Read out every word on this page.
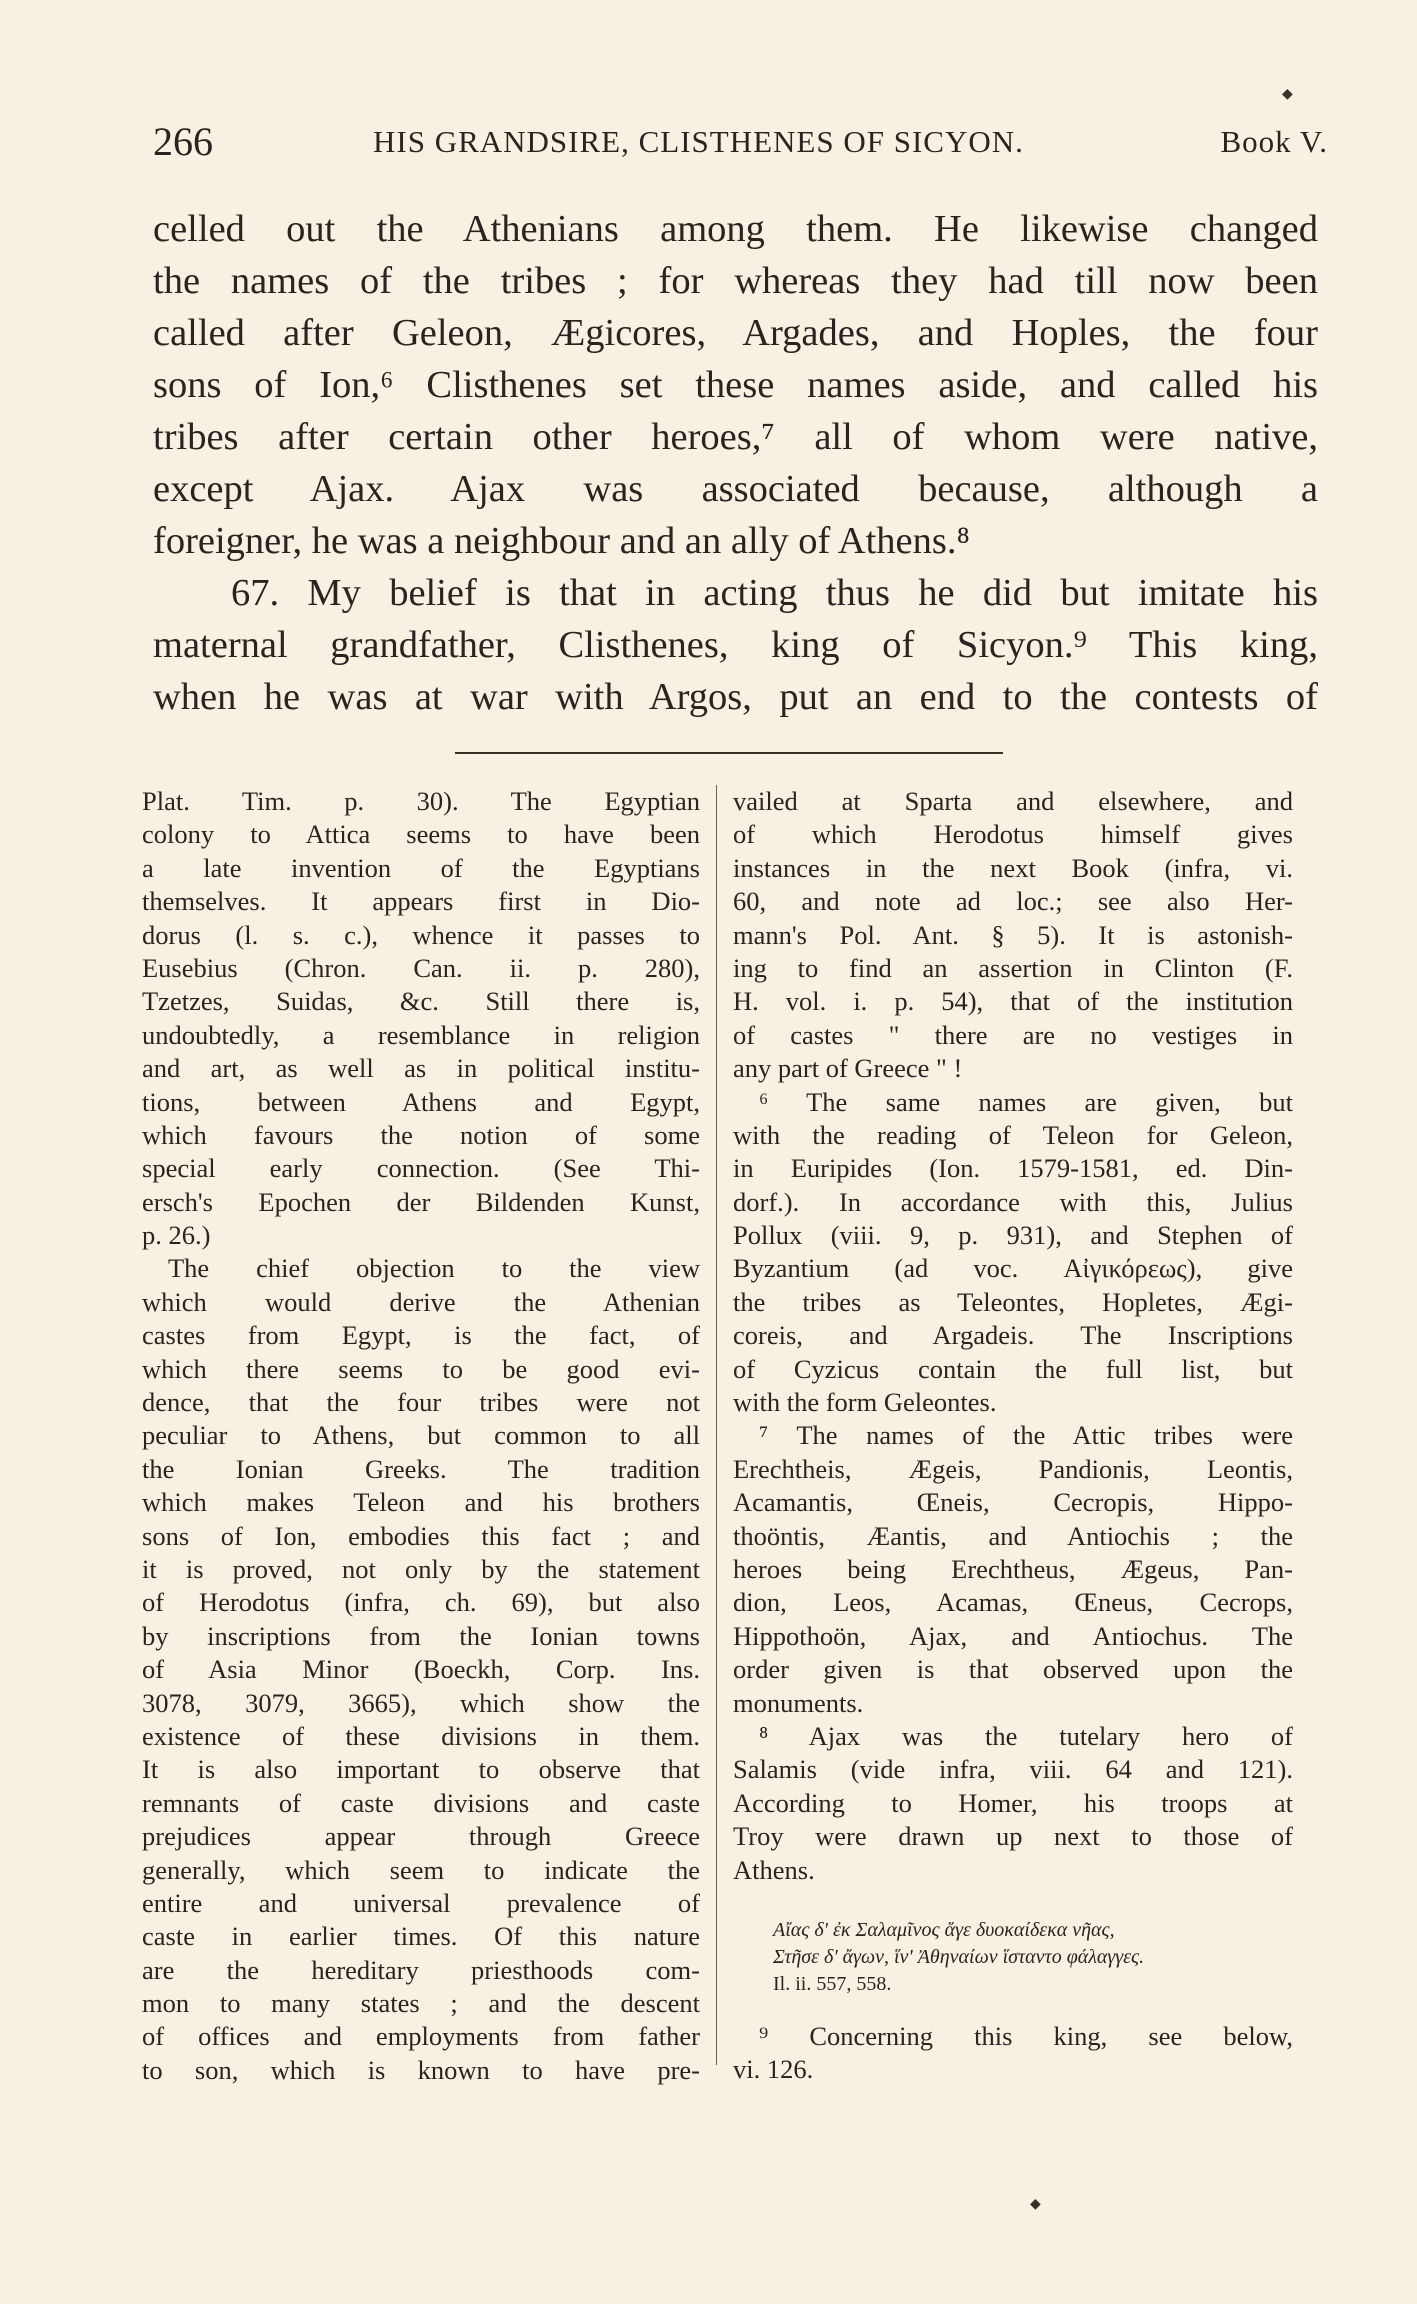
266	HIS GRANDSIRE, CLISTHENES OF SICYON.	Book V.
◆
celled out the Athenians among them. He likewise changed
the names of the tribes ; for whereas they had till now been
called after Geleon, Ægicores, Argades, and Hoples, the four
sons of Ion,⁶ Clisthenes set these names aside, and called his
tribes after certain other heroes,⁷ all of whom were native,
except Ajax. Ajax was associated because, although a
foreigner, he was a neighbour and an ally of Athens.⁸
67. My belief is that in acting thus he did but imitate his
maternal grandfather, Clisthenes, king of Sicyon.⁹ This king,
when he was at war with Argos, put an end to the contests of
Plat. Tim. p. 30). The Egyptian
colony to Attica seems to have been
a late invention of the Egyptians
themselves. It appears first in Dio-
dorus (l. s. c.), whence it passes to
Eusebius (Chron. Can. ii. p. 280),
Tzetzes, Suidas, &c. Still there is,
undoubtedly, a resemblance in religion
and art, as well as in political institu-
tions, between Athens and Egypt,
which favours the notion of some
special early connection. (See Thi-
ersch's Epochen der Bildenden Kunst,
p. 26.)
The chief objection to the view
which would derive the Athenian
castes from Egypt, is the fact, of
which there seems to be good evi-
dence, that the four tribes were not
peculiar to Athens, but common to all
the Ionian Greeks. The tradition
which makes Teleon and his brothers
sons of Ion, embodies this fact ; and
it is proved, not only by the statement
of Herodotus (infra, ch. 69), but also
by inscriptions from the Ionian towns
of Asia Minor (Boeckh, Corp. Ins.
3078, 3079, 3665), which show the
existence of these divisions in them.
It is also important to observe that
remnants of caste divisions and caste
prejudices appear through Greece
generally, which seem to indicate the
entire and universal prevalence of
caste in earlier times. Of this nature
are the hereditary priesthoods com-
mon to many states ; and the descent
of offices and employments from father
to son, which is known to have pre-
vailed at Sparta and elsewhere, and
of which Herodotus himself gives
instances in the next Book (infra, vi.
60, and note ad loc.; see also Her-
mann's Pol. Ant. § 5). It is astonish-
ing to find an assertion in Clinton (F.
H. vol. i. p. 54), that of the institution
of castes " there are no vestiges in
any part of Greece " !
⁶ The same names are given, but
with the reading of Teleon for Geleon,
in Euripides (Ion. 1579-1581, ed. Din-
dorf.). In accordance with this, Julius
Pollux (viii. 9, p. 931), and Stephen of
Byzantium (ad voc. Αἰγικόρεως), give
the tribes as Teleontes, Hopletes, Ægi-
coreis, and Argadeis. The Inscriptions
of Cyzicus contain the full list, but
with the form Geleontes.
⁷ The names of the Attic tribes were
Erechtheis, Ægeis, Pandionis, Leontis,
Acamantis, Œneis, Cecropis, Hippo-
thoöntis, Æantis, and Antiochis ; the
heroes being Erechtheus, Ægeus, Pan-
dion, Leos, Acamas, Œneus, Cecrops,
Hippothoön, Ajax, and Antiochus. The
order given is that observed upon the
monuments.
⁸ Ajax was the tutelary hero of
Salamis (vide infra, viii. 64 and 121).
According to Homer, his troops at
Troy were drawn up next to those of
Athens.
Αἴας δ' ἐκ Σαλαμῖνος ἄγε δυοκαίδεκα νῆας,
Στῆσε δ' ἄγων, ἵν' Ἀθηναίων ἵσταντο φάλαγγες.
Il. ii. 557, 558.
⁹ Concerning this king, see below,
vi. 126.
◆
